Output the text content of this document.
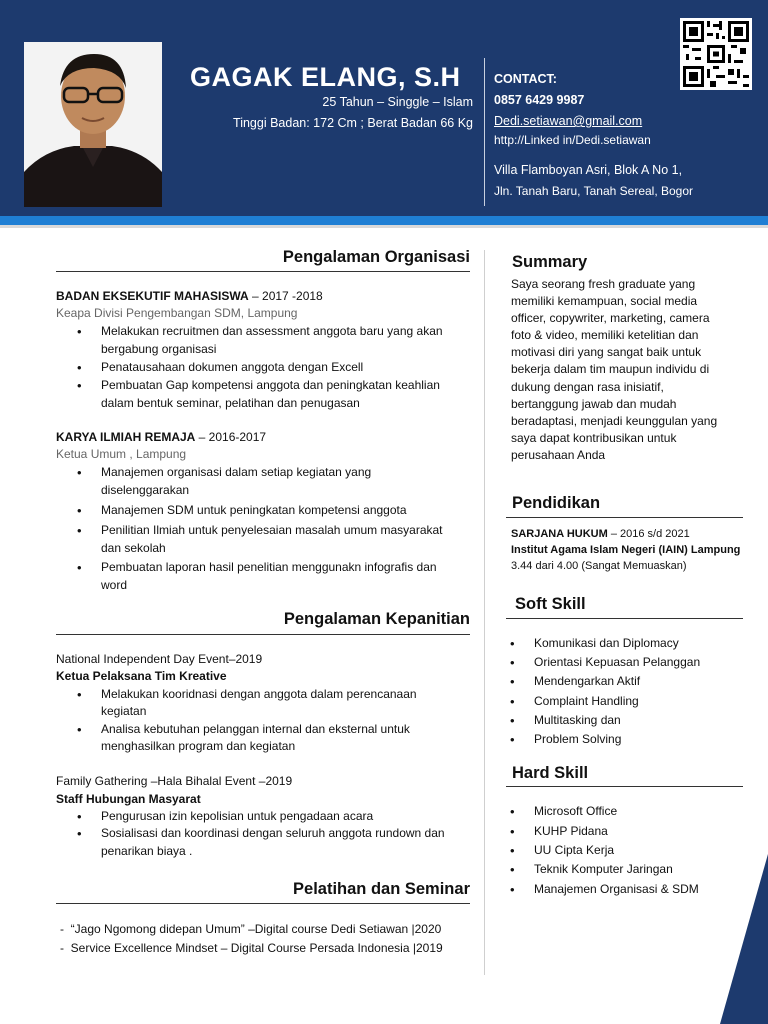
GAGAK ELANG, S.H
25 Tahun – Singgle – Islam
Tinggi Badan: 172 Cm ; Berat Badan 66 Kg
CONTACT:
0857 6429 9987
Dedi.setiawan@gmail.com
http://Linked in/Dedi.setiawan
Villa Flamboyan Asri, Blok A No 1,
Jln. Tanah Baru, Tanah Sereal, Bogor
Pengalaman Organisasi
BADAN EKSEKUTIF MAHASISWA – 2017 -2018
Keapa Divisi Pengembangan SDM, Lampung
• Melakukan recruitmen dan assessment anggota baru yang akan
bergabung organisasi
• Penatausahaan dokumen anggota dengan Excell
• Pembuatan Gap kompetensi anggota dan peningkatan keahlian
dalam bentuk seminar, pelatihan dan penugasan
KARYA ILMIAH REMAJA – 2016-2017
Ketua Umum , Lampung
• Manajemen organisasi dalam setiap kegiatan yang
diselenggarakan
• Manajemen SDM untuk peningkatan kompetensi anggota
• Penilitian Ilmiah untuk penyelesaian masalah umum masyarakat
dan sekolah
• Pembuatan laporan hasil penelitian menggunakn infografis dan
word
Pengalaman Kepanitian
National Independent Day Event–2019
Ketua Pelaksana Tim Kreative
• Melakukan kooridnasi dengan anggota dalam perencanaan
kegiatan
• Analisa kebutuhan pelanggan internal dan eksternal untuk
menghasilkan program dan kegiatan
Family Gathering –Hala Bihalal Event –2019
Staff Hubungan Masyarat
• Pengurusan izin kepolisian untuk pengadaan acara
• Sosialisasi dan koordinasi dengan seluruh anggota rundown dan
penarikan biaya .
Pelatihan dan Seminar
-  “Jago Ngomong didepan Umum” –Digital course Dedi Setiawan |2020
-  Service Excellence Mindset – Digital Course Persada Indonesia |2019
Summary
Saya seorang fresh graduate yang
memiliki kemampuan, social media
officer, copywriter, marketing, camera
foto & video, memiliki ketelitian dan
motivasi diri yang sangat baik untuk
bekerja dalam tim maupun individu di
dukung dengan rasa inisiatif,
bertanggung jawab dan mudah
beradaptasi, menjadi keunggulan yang
saya dapat kontribusikan untuk
perusahaan Anda
Pendidikan
SARJANA HUKUM – 2016 s/d 2021
Institut Agama Islam Negeri (IAIN) Lampung
3.44 dari 4.00 (Sangat Memuaskan)
Soft Skill
• Komunikasi dan Diplomacy
• Orientasi Kepuasan Pelanggan
• Mendengarkan Aktif
• Complaint Handling
• Multitasking dan
• Problem Solving
Hard Skill
• Microsoft Office
• KUHP Pidana
• UU Cipta Kerja
• Teknik Komputer Jaringan
• Manajemen Organisasi & SDM
